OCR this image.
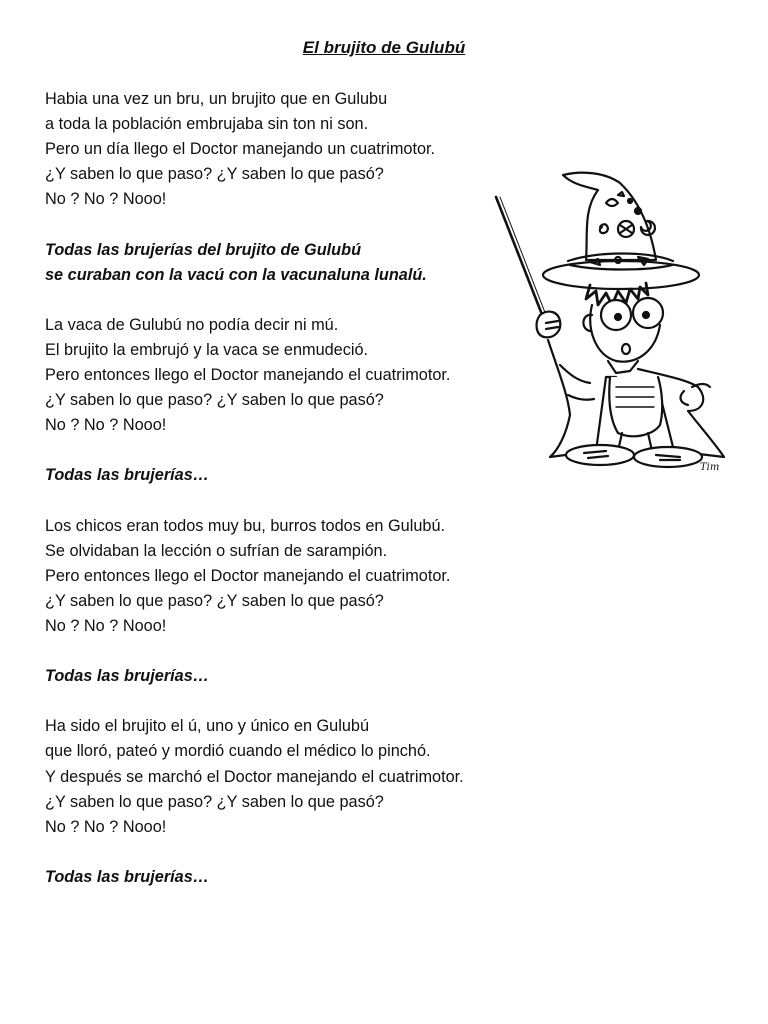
El brujito de Gulubú
Habia una vez un bru, un brujito que en Gulubu
a toda la población embrujaba sin ton ni son.
Pero un día llego el Doctor manejando un cuatrimotor.
¿Y saben lo que paso? ¿Y saben lo que pasó?
No ? No ? Nooo!
Todas las brujerías del brujito de Gulubú
se curaban con la vacú con la vacunaluna lunalú.
La vaca de Gulubú no podía decir ni mú.
El brujito la embrujó y la vaca se enmudeció.
Pero entonces llego el Doctor manejando el cuatrimotor.
¿Y saben lo que paso? ¿Y saben lo que pasó?
No ? No ? Nooo!
Todas las brujerías…
Los chicos eran todos muy bu, burros todos en Gulubú.
Se olvidaban la lección o sufrían de sarampión.
Pero entonces llego el Doctor manejando el cuatrimotor.
¿Y saben lo que paso? ¿Y saben lo que pasó?
No ? No ? Nooo!
Todas las brujerías…
Ha sido el brujito el ú, uno y único en Gulubú
que lloró, pateó y mordió cuando el médico lo pinchó.
Y después se marchó el Doctor manejando el cuatrimotor.
¿Y saben lo que paso? ¿Y saben lo que pasó?
No ? No ? Nooo!
Todas las brujerías…
Tim
